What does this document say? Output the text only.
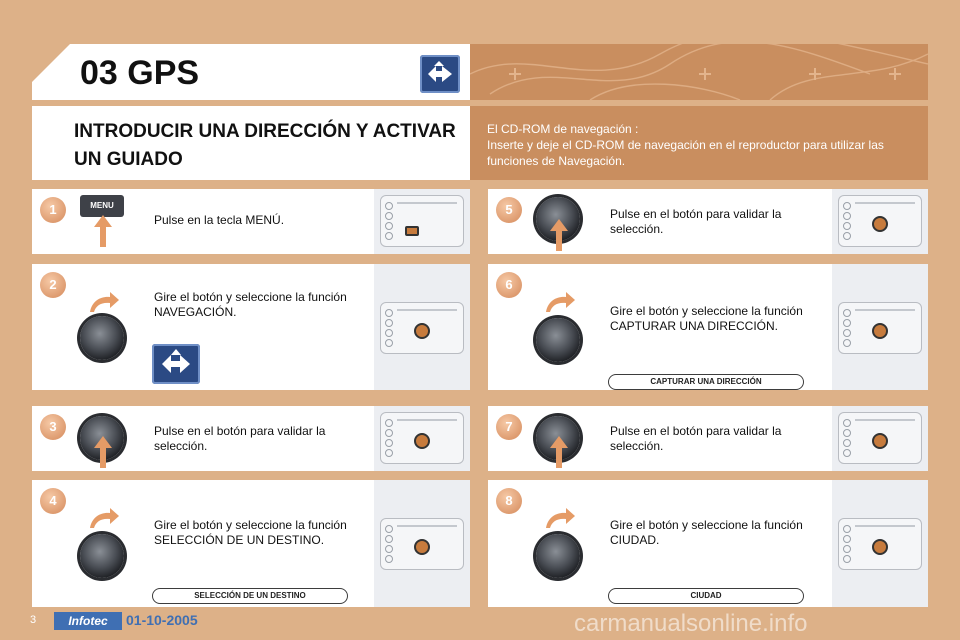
03 GPS
INTRODUCIR UNA DIRECCIÓN Y ACTIVAR UN GUIADO
El CD-ROM de navegación :
Inserte y deje el CD-ROM de navegación en el reproductor para utilizar las funciones de Navegación.
1	MENU
Pulse en la tecla MENÚ.
2
Gire el botón y seleccione la función NAVEGACIÓN.
3	Pulse en el botón para validar la selección.
4
Gire el botón y seleccione la función SELECCIÓN DE UN DESTINO.
SELECCIÓN DE UN DESTINO
5	Pulse en el botón para validar la selección.
6
Gire el botón y seleccione la función CAPTURAR UNA DIRECCIÓN.
CAPTURAR UNA DIRECCIÓN
7	Pulse en el botón para validar la selección.
8
Gire el botón y seleccione la función CIUDAD.
CIUDAD
3	Infotec	01-10-2005	carmanualsonline.info
